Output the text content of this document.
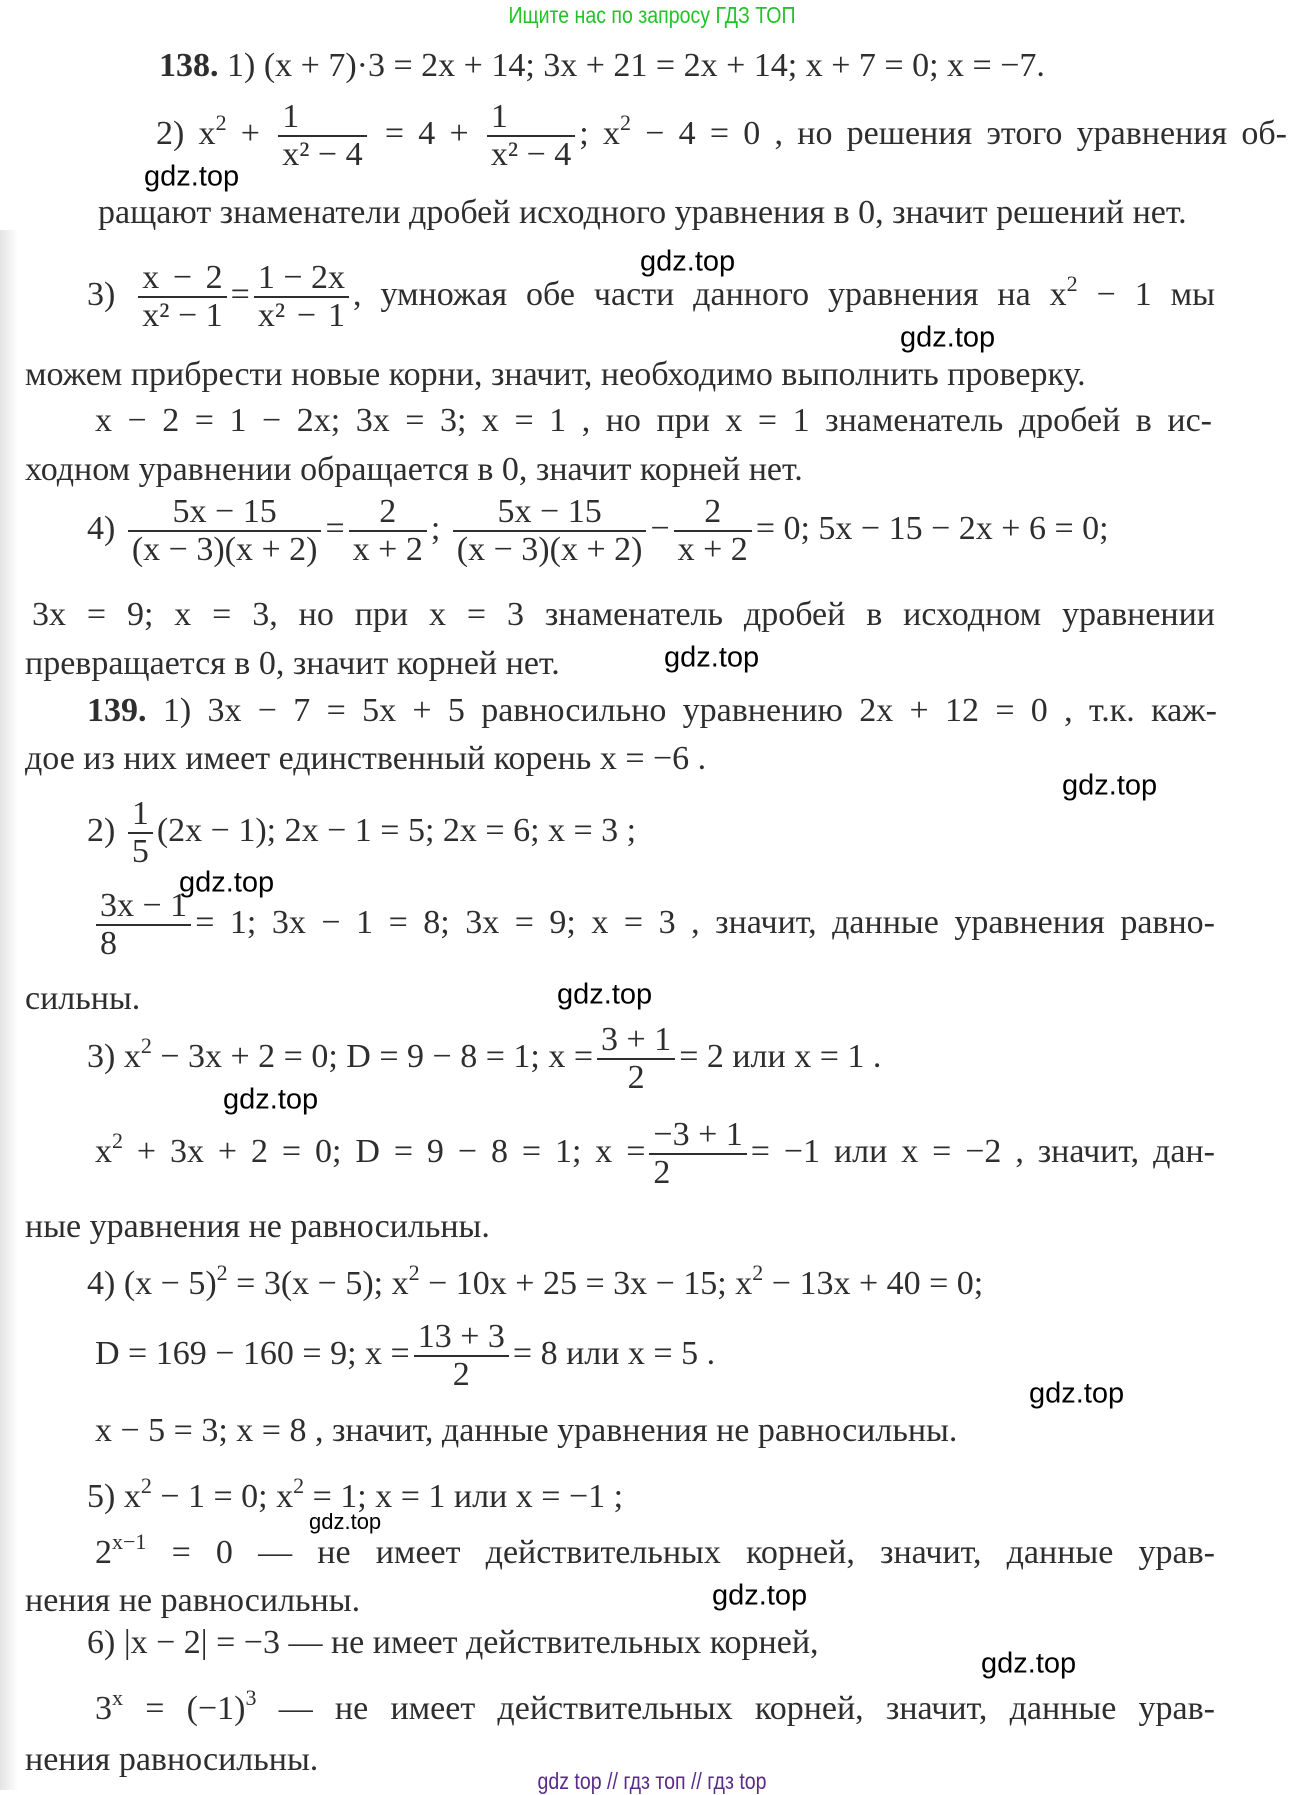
Ищите нас по запросу ГДЗ ТОП
138. 1) (x + 7)·3 = 2x + 14; 3x + 21 = 2x + 14; x + 7 = 0; x = −7.
2) $x^2 + \frac{1}{\text{x² − 4}} = 4 + \frac{1}{\text{x² − 4}}$ ; $x^2 - 4 = 0$ , но решения этого уравнения об-
ращают знаменатели дробей исходного уравнения в 0, значит решений нет.
$3) \frac{x - 2}{\text{x² − 1}} = \frac{1 - 2x}{\text{x² − 1}}$ , умножая обе части данного уравнения на $x^2 - 1$ мы
можем прибрести новые корни, значит, необходимо выполнить проверку.
x − 2 = 1 − 2x; 3x = 3; x = 1 , но при x = 1 знаменатель дробей в ис-
ходном уравнении обращается в 0, значит корней нет.
$4) \frac{5x - 15}{(x - 3)(x + 2)} = \frac{2}{x + 2}$ ; $\frac{5x - 15}{(x - 3)(x + 2)} - \frac{2}{x + 2} = 0$; 5x − 15 − 2x + 6 = 0;
3x = 9; x = 3, но при x = 3 знаменатель дробей в исходном уравнении
превращается в 0, значит корней нет.
139. 1) 3x − 7 = 5x + 5 равносильно уравнению 2x + 12 = 0 , т.к. каж-
дое из них имеет единственный корень x = −6 .
$2) \frac{1}{5} (2x - 1)$; 2x − 1 = 5; 2x = 6; x = 3 ;
$\frac{3x - 1}{8} = 1$; 3x − 1 = 8; 3x = 9; x = 3 , значит, данные уравнения равно-
сильны.
3) $x^2 - 3x + 2 = 0$; D = 9 − 8 = 1; $x = \frac{3 + 1}{2} = 2$ или x = 1 .
$x^2 + 3x + 2 = 0$; D = 9 − 8 = 1; $x = \frac{-3 + 1}{2} = -1$ или x = −2 , значит, дан-
ные уравнения не равносильны.
4) $(x - 5)^2 = 3(x - 5)$; $x^2 - 10x + 25 = 3x - 15$; $x^2 - 13x + 40 = 0$;
D = 169 − 160 = 9; $x = \frac{13 + 3}{2} = 8$ или x = 5 .
x − 5 = 3; x = 8 , значит, данные уравнения не равносильны.
5) $x^2 - 1 = 0$; $x^2 = 1$; x = 1 или x = −1 ;
$2^{x-1} = 0$ — не имеет действительных корней, значит, данные урав-
нения не равносильны.
6) |x − 2| = −3 — не имеет действительных корней,
$3^x = (-1)^3$ — не имеет действительных корней, значит, данные урав-
нения равносильны.
gdz top // гдз топ // гдз top
gdz.top
gdz.top
gdz.top
gdz.top
gdz.top
gdz.top
gdz.top
gdz.top
gdz.top
gdz.top
gdz.top
gdz.top
